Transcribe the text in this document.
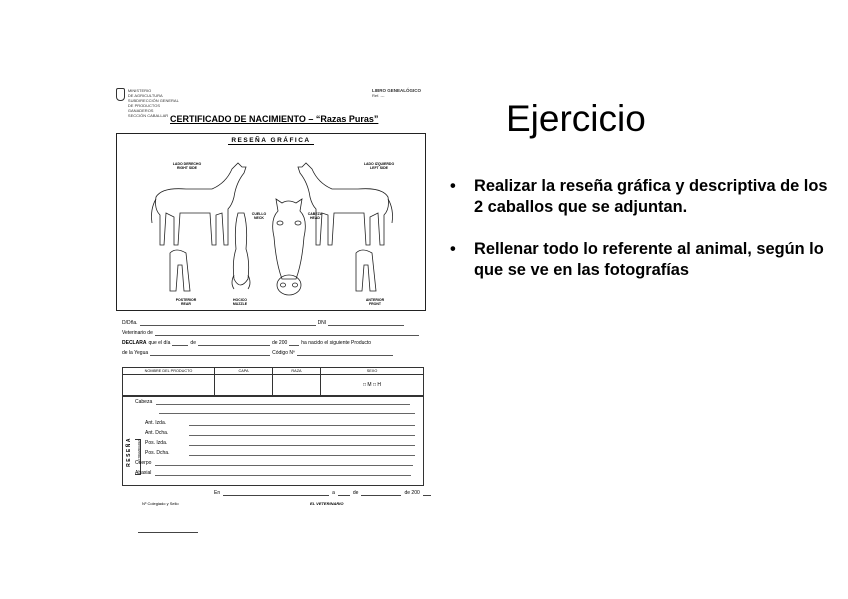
MINISTERIO
DE AGRICULTURA
SUBDIRECCIÓN GENERAL
DE PRODUCTOS GANADEROS
SECCIÓN CABALLAR
LIBRO GENEALÓGICO
Ref. ---
CERTIFICADO DE NACIMIENTO – “Razas Puras”
RESEÑA GRÁFICA
LADO DERECHO
RIGHT SIDE
LADO IZQUIERDO
LEFT SIDE
CUELLO
NECK
CABEZA
HEAD
POSTERIOR
REAR
HOCICO
MUZZLE
ANTERIOR
FRONT
D/Dña.	DNI
Veterinario de
DECLARA que el día	de	de 200	ha nacido el siguiente Producto
de la Yegua	Código Nº
NOMBRE DEL PRODUCTO	CAPA	RAZA	SEXO
			□ M □ H
RESEÑA EXTREMIDADES
Cabeza
Ant. Izda.
Ant. Dcha.
Pos. Izda.
Pos. Dcha.
Cuerpo
Abaxial
En	a	de	de 200
Nº Colegiado y Sello	EL VETERINARIO
Ejercicio
• Realizar la reseña gráfica y descriptiva de los 2 caballos que se adjuntan.
• Rellenar todo lo referente al animal, según lo que se ve en las fotografías
